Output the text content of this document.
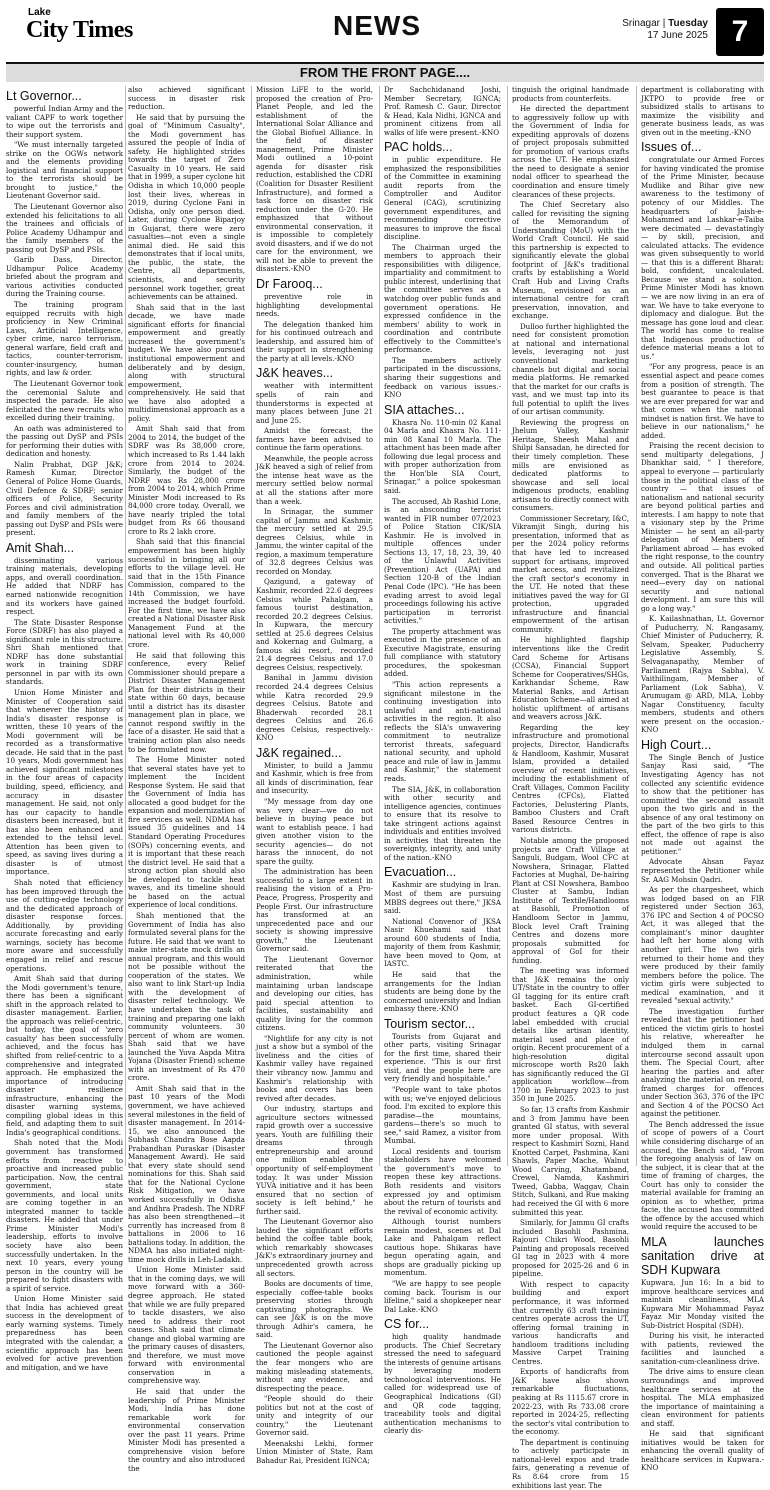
Lake
City Times	NEWS	Srinagar | Tuesday
17 June 2025 7
FROM THE FRONT PAGE....
Lt Governor...

powerful Indian Army and the valiant CAPF to work together to wipe out the terrorists and their support system.

"We must internally targeted strike on the OGWs network and the elements providing logistical and financial support to the terrorists should be brought to justice," the Lieutenant Governor said.

The Lieutenant Governor also extended his felicitations to all the trainees and officials of Police Academy Udhampur and the family members of the passing out DySP and PSIs.

Garib Dass, Director, Udhampur Police Academy briefed about the program and various activities conducted during the Training course.

The training program equipped recruits with high proficiency in New Criminal Laws, Artificial Intelligence, cyber crime, narco terrorism, general warfare, field craft and tactics, counter-terrorism, counter-insurgency, human rights, and law & order.

The Lieutenant Governor took the ceremonial Salute and inspected the parade. He also felicitated the new recruits who excelled during their training.

An oath was administered to the passing out DySP and PSIs for performing their duties with dedication and honesty.

Nalin Prabhat, DGP J&K; Ramesh Kumar, Director General of Police Home Guards, Civil Defence & SDRF; senior officers of Police, Security Forces and civil administration and family members of the passing out DySP and PSIs were present.

Amit Shah...

disseminating various training materials, developing apps, and overall coordination. He added that NDRF has earned nationwide recognition and its workers have gained respect.

The State Disaster Response Force (SDRF) has also played a significant role in this structure. Shri Shah mentioned that NDRF has done substantial work in training SDRF personnel in par with its own standards.

Union Home Minister and Minister of Cooperation said that whenever the history of India's disaster response is written, these 10 years of the Modi government will be recorded as a transformative decade. He said that in the past 10 years, Modi government has achieved significant milestones in the four areas of capacity building, speed, efficiency, and accuracy in disaster management. He said, not only has our capacity to handle disasters been increased, but it has also been enhanced and extended to the tehsil level. Attention has been given to speed, as saving lives during a disaster is of utmost importance.

Shah noted that efficiency has been improved through the use of cutting-edge technology and the dedicated approach of disaster response forces. Additionally, by providing accurate forecasting and early warnings, society has become more aware and successfully engaged in relief and rescue operations.

Amit Shah said that during the Modi government's tenure, there has been a significant shift in the approach related to disaster management. Earlier, the approach was relief-centric, but today, the goal of 'zero casualty' has been successfully achieved, and the focus has shifted from relief-centric to a comprehensive and integrated approach. He emphasized the importance of introducing disaster resilience infrastructure, enhancing the disaster warning systems, compiling global ideas in this field, and adapting them to suit India's geographical conditions.

Shah noted that the Modi government has transformed efforts from reactive to proactive and increased public participation. Now, the central government, state governments, and local units are coming together in an integrated manner to tackle disasters. He added that under Prime Minister Modi's leadership, efforts to involve society have also been successfully undertaken. In the next 10 years, every young person in the country will be prepared to fight disasters with a spirit of service.

Union Home Minister said that India has achieved great success in the development of early warning systems. Timely preparedness has been integrated with the calendar, a scientific approach has been evolved for active prevention and mitigation, and we have

also achieved significant success in disaster risk reduction.

He said that by pursuing the goal of "Minimum Casualty", the Modi government has assured the people of India of safety. He highlighted strides towards the target of Zero Casualty in 10 years. He said that in 1999, a super cyclone hit Odisha in which 10,000 people lost their lives, whereas in 2019, during Cyclone Fani in Odisha, only one person died. Later, during Cyclone Biparjoy in Gujarat, there were zero casualties—not even a single animal died. He said this demonstrates that if local units, the public, the state, the Centre, all departments, scientists, and security personnel work together, great achievements can be attained.

Shah said that in the last decade, we have made significant efforts for financial empowerment and greatly increased the government's budget. We have also pursued institutional empowerment and deliberately and by design, along with structural empowerment, comprehensively. He said that we have also adopted a multidimensional approach as a policy.

Amit Shah said that from 2004 to 2014, the budget of the SDRF was Rs 38,000 crore, which increased to Rs 1.44 lakh crore from 2014 to 2024. Similarly, the budget of the NDRF was Rs 28,000 crore from 2004 to 2014, which Prime Minister Modi increased to Rs 84,000 crore today. Overall, we have nearly tripled the total budget from Rs 66 thousand crore to Rs 2 lakh crore.

Shah said that this financial empowerment has been highly successful in bringing all our efforts to the village level. He said that in the 15th Finance Commission, compared to the 14th Commission, we have increased the budget fourfold. For the first time, we have also created a National Disaster Risk Management Fund at the national level with Rs 40,000 crore.

He said that following this conference, every Relief Commissioner should prepare a District Disaster Management Plan for their districts in their state within 60 days, because until a district has its disaster management plan in place, we cannot respond swiftly in the face of a disaster. He said that a training action plan also needs to be formulated now.

The Home Minister noted that several states have yet to implement the Incident Response System. He said that the Government of India has allocated a good budget for the expansion and modernization of fire services as well. NDMA has issued 35 guidelines and 14 Standard Operating Procedures (SOPs) concerning events, and it is important that these reach the district level. He said that a strong action plan should also be developed to tackle heat waves, and its timeline should be based on the actual experience of local conditions.

Shah mentioned that the Government of India has also formulated several plans for the future. He said that we want to make inter-state mock drills an annual program, and this would not be possible without the cooperation of the states. We also want to link Start-up India with the development of disaster relief technology. We have undertaken the task of training and preparing one lakh community volunteers. 30 percent of whom are women. Shah said that we have launched the Yuva Aapda Mitra Yojana (Disaster Friend) scheme with an investment of Rs 470 crore.

Amit Shah said that in the past 10 years of the Modi government, we have achieved several milestones in the field of disaster management. In 2014-15, we also announced the Subhash Chandra Bose Aapda Prabandhan Puraskar (Disaster Management Award). He said that every state should send nominations for this. Shah said that for the National Cyclone Risk Mitigation, we have worked successfully in Odisha and Andhra Pradesh. The NDRF has also been strengthened—it currently has increased from 8 battalions in 2006 to 16 battalions today. In addition, the NDMA has also initiated night-time mock drills in Leh-Ladakh.

Union Home Minister said that in the coming days, we will move forward with a 360-degree approach. He stated that while we are fully prepared to tackle disasters, we also need to address their root causes. Shah said that climate change and global warming are the primary causes of disasters, and therefore, we must move forward with environmental conservation in a comprehensive way.

He said that under the leadership of Prime Minister Modi, India has done remarkable work for environmental conservation over the past 11 years. Prime Minister Modi has presented a comprehensive vision before the country and also introduced the

Mission LiFE to the world, proposed the creation of Pro-Planet People, and led the establishment of the International Solar Alliance and the Global Biofuel Alliance. In the field of disaster management, Prime Minister Modi outlined a 10-point agenda for disaster risk reduction, established the CDRI (Coalition for Disaster Resilient Infrastructure), and formed a task force on disaster risk reduction under the G-20. He emphasized that without environmental conservation, it is impossible to completely avoid disasters, and if we do not care for the environment, we will not be able to prevent the disasters.-KNO

Dr Farooq...

preventive role in highlighting developmental needs.

The delegation thanked him for his continued outreach and leadership, and assured him of their support in strengthening the party at all levels.-KNO

J&K heaves...

weather with intermittent spells of rain and thunderstorms is expected at many places between June 21 and June 25.

Amidst the forecast, the farmers have been advised to continue the farm operations.

Meanwhile, the people across J&K heaved a sigh of relief from the intense heat wave as the mercury settled below normal at all the stations after more than a week.

In Srinagar, the summer capital of Jammu and Kashmir, the mercury settled at 29.5 degrees Celsius, while in Jammu, the winter capital of the region, a maximum temperature of 32.8 degrees Celsius was recorded on Monday.

Qazigund, a gateway of Kashmir, recorded 22.6 degrees Celsius while Pahalgam, a famous tourist destination, recorded 20.2 degrees Celsius. In Kupwara, the mercury settled at 25.6 degrees Celsius and Kokernag and Gulmarg, a famous ski resort, recorded 21.4 degrees Celsius and 17.0 degrees Celsius, respectively.

Banihal in Jammu division recorded 24.4 degrees Celsius while Katra recorded 29.9 degrees Celsius. Batote and Bhaderwah recorded 28.1 degrees Celsius and 26.6 degrees Celsius, respectively.-KNO

J&K regained...

Minister, to build a Jammu and Kashmir, which is free from all kinds of discrimination, fear and insecurity.

"My message from day one was very clear—we do not believe in buying peace but want to establish peace. I had given another vision to the security agencies— do not harass the innocent, do not spare the guilty.

The administration has been successful to a large extent in realising the vision of a Pro-Peace, Progress, Prosperity and People First. Our infrastructure has transformed at an unprecedented pace and our society is showing impressive growth," the Lieutenant Governor said.

The Lieutenant Governor reiterated that the administration, while maintaining urban landscape and developing our cities, has paid special attention to facilities, sustainability and quality living for the common citizens.

"Nightlife for any city is not just a show but a symbol of the liveliness and the cities of Kashmir valley have regained their vibrancy now. Jammu and Kashmir's relationship with books and covers has been revived after decades.

Our industry, startups and agriculture sectors witnessed rapid growth over a successive years. Youth are fulfilling their dreams through entrepreneurship and around one million enabled the opportunity of self-employment today. It was under Mission YUVA initiative and it has been ensured that no section of society is left behind," he further said.

The Lieutenant Governor also lauded the significant efforts behind the coffee table book, which remarkably showcases J&K's extraordinary journey and unprecedented growth across all sectors.

Books are documents of time, especially coffee-table books preserving stories through captivating photographs. We can see J&K is on the move through Adhir's camera, he said.

The Lieutenant Governor also cautioned the people against the fear mongers who are making misleading statements, without any evidence, and disrespecting the peace.

"People should do their politics but not at the cost of unity and integrity of our country," the Lieutenant Governor said.

Meenakshi Lekhi, former Union Minister of State, Ram Bahadur Rai, President IGNCA;

Dr Sachchidanand Joshi, Member Secretary, IGNCA; Prof. Ramesh C. Gaur, Director & Head, Kala Nidhi, IGNCA and prominent citizens from all walks of life were present.-KNO

PAC holds...

in public expenditure. He emphasized the responsibilities of the Committee in examining audit reports from the Comptroller and Auditor General (CAG), scrutinizing government expenditures, and recommending corrective measures to improve the fiscal discipline.

The Chairman urged the members to approach their responsibilities with diligence, impartiality and commitment to public interest, underlining that the committee serves as a watchdog over public funds and government operations. He expressed confidence in the members' ability to work in coordination and contribute effectively to the Committee's performance.

The members actively participated in the discussions, sharing their suggestions and feedback on various issues.-KNO

SIA attaches...

Khasra No. 110-min 02 Kanal 04 Marla and Khasra No. 111-min 08 Kanal 10 Marla. The attachment has been made after following due legal process and with proper authorization from the Hon'ble SIA Court, Srinagar," a police spokesman said.

The accused, Ab Rashid Lone, is an absconding terrorist wanted in FIR number 07/2023 of Police Station CIK/SIA Kashmir. He is involved in multiple offences under Sections 13, 17, 18, 23, 39, 40 of the Unlawful Activities (Prevention) Act (UAPA) and Section 120-B of the Indian Penal Code (IPC). "He has been evading arrest to avoid legal proceedings following his active participation in terrorist activities."

The property attachment was executed in the presence of an Executive Magistrate, ensuring full compliance with statutory procedures, the spokesman added.

"This action represents a significant milestone in the continuing investigation into unlawful and anti-national activities in the region. It also reflects the SIA's unwavering commitment to neutralize terrorist threats, safeguard national security, and uphold peace and rule of law in Jammu and Kashmir," the statement reads.

The SIA, J&K, in collaboration with other security and intelligence agencies, continues to ensure that its resolve to take stringent actions against individuals and entities involved in activities that threaten the sovereignty, integrity, and unity of the nation.-KNO

Evacuation...

Kashmir are studying in Iran. Most of them are pursuing MBBS degrees out there," JKSA said.

National Convenor of JKSA Nasir Khuehami said that around 600 students of India, majority of them from Kashmir, have been moved to Qom, at IASTC.

He said that the arrangements for the Indian students are being done by the concerned university and Indian embassy there.-KNO

Tourism sector...

Tourists from Gujarat and other parts, visiting Srinagar for the first time, shared their experience. "This is our first visit, and the people here are very friendly and hospitable."

"People want to take photos with us; we've enjoyed delicious food. I'm excited to explore this paradise—the mountains, gardens—there's so much to see," said Ramez, a visitor from Mumbai.

Local residents and tourism stakeholders have welcomed the government's move to reopen these key attractions. Both residents and visitors expressed joy and optimism about the return of tourists and the revival of economic activity.

Although tourist numbers remain modest, scenes at Dal Lake and Pahalgam reflect cautious hope. Shikaras have begun operating again, and shops are gradually picking up momentum.

"We are happy to see people coming back. Tourism is our lifeline," said a shopkeeper near Dal Lake.-KNO

CS for...

high quality handmade products. The Chief Secretary stressed the need to safeguard the interests of genuine artisans by leveraging modern technological interventions. He called for widespread use of Geographical Indications (GI) and QR code tagging, traceability tools and digital authentication mechanisms to clearly dis-

tinguish the original handmade products from counterfeits.

He directed the department to aggressively follow up with the Government of India for expediting approvals of dozens of project proposals submitted for promotion of various crafts across the UT. He emphasized the need to designate a senior nodal officer to spearhead the coordination and ensure timely clearances of these projects.

The Chief Secretary also called for revisiting the signing of the Memorandum of Understanding (MoU) with the World Craft Council. He said this partnership is expected to significantly elevate the global footprint of J&K's traditional crafts by establishing a World Craft Hub and Living Crafts Museum, envisioned as an international centre for craft preservation, innovation, and exchange.

Dulloo further highlighted the need for consistent promotion at national and international levels, leveraging not just conventional marketing channels but digital and social media platforms. He remarked that the market for our crafts is vast, and we must tap into its full potential to uplift the lives of our artisan community.

Reviewing the progress on Jhelum Valley, Kashmir Heritage, Sheesh Mahal and Shilpi Sansadan, he directed for their timely completion. These mills are envisioned as dedicated platforms to showcase and sell local indigenous products, enabling artisans to directly connect with consumers.

Commissioner Secretary, I&C, Vikramjit Singh, during his presentation, informed that as per the 2024 policy reforms that have led to increased support for artisans, improved market access, and revitalized the craft sector's economy in the UT. He noted that these initiatives paved the way for GI protection, upgraded infrastructure and financial empowerment of the artisan community.

He highlighted flagship interventions like the Credit Card Scheme for Artisans (CCSA), Financial Support Scheme for Cooperatives/SHGs, Karkhandar Scheme, Raw Material Banks, and Artisan Education Scheme—all aimed at holistic upliftment of artisans and weavers across J&K.

Regarding the key infrastructure and promotional projects, Director, Handicrafts & Handloom, Kashmir, Musarat Islam, provided a detailed overview of recent initiatives, including the establishment of Craft Villages, Common Facility Centres (CFCs), Flatted Factories, Delustering Plants, Bamboo Clusters and Craft Based Resource Centres in various districts.

Notable among the proposed projects are Craft Village at Sanguli, Budgam, Wool CFC at Nowshera, Srinagar, Flatted Factories at Mughal, De-hairing Plant at CSI Nowshera, Bamboo Cluster at Sambu, Indian Institute of Textile/Handlooms at Basohli, Promotion of Handloom Sector in Jammu, Block level Craft Training Centres and dozens more proposals submitted for approval of GoI for their funding.

The meeting was informed that J&K remains the only UT/State in the country to offer GI tagging for its entire craft basket. Each GI-certified product features a QR code label embedded with crucial details like artisan identity, material used and place of origin. Recent procurement of a high-resolution digital microscope worth Rs20 lakh has significantly reduced the GI application workflow—from 1700 in February 2023 to just 350 in June 2025.

So far, 13 crafts from Kashmir and 3 from Jammu have been granted GI status, with several more under proposal. With respect to Kashmiri Sozni, Hand Knotted Carpet, Pashmina, Kani Shawls, Paper Mache, Walnut Wood Carving, Khatamband, Crewel, Namda, Kashmiri Tweed, Gabba, Waggav, Chain Stitch, Sulkani, and Rue making had received the GI with 6 more submitted this year.

Similarly, for Jammu GI crafts included Basohli Pashmina, Rajouri Chikri Wood, Basohli Painting and proposals received GI tag in 2023 with 4 more proposed for 2025-26 and 6 in pipeline.

With respect to capacity building and export performance, it was informed that currently 63 craft training centres operate across the UT, offering formal training in various handicrafts and handloom traditions including Massive Carpet Training Centres.

Exports of handicrafts from J&K have also shown remarkable fluctuations, peaking at Rs 1115.67 crore in 2022-23, with Rs 733.08 crore reported in 2024-25, reflecting the sector's vital contribution to the economy.

The department is continuing to actively participate in national-level expos and trade fairs, generating a revenue of Rs 8.64 crore from 15 exhibitions last year. The

department is collaborating with JKTPO to provide free or subsidized stalls to artisans to maximize the visibility and generate business leads, as was given out in the meeting.-KNO

Issues of...

congratulate our Armed Forces for having vindicated the promise of the Prime Minister, because Mudlike and Bihar give new awareness to the testimony of potency of our Middles. The headquarters of Jaish-e-Mohammed and Lashkar-e-Taiba were decimated — devastatingly — by skill, precision, and calculated attacks. The evidence was given subsequently to world — that this is a different Bharat: bold, confident, uncalculated. Because we stand a solution. Prime Minister Modi has known — we are now living in an era of war. We have to take everyone to diplomacy and dialogue. But the message has gone loud and clear. The world has come to realise that Indigenous production of defence material means a lot to us."

"For any progress, peace is an essential aspect and peace comes from a position of strength. The best guarantee to peace is that we are ever prepared for war and that comes when the national mindset is nation first. We have to believe in our nationalism," he added.

Praising the recent decision to send multiparty delegations, J Dhankhar said, " I therefore, appeal to everyone — particularly those in the political class of the country — that issues of nationalism and national security are beyond political parties and interests. I am happy to note that a visionary step by the Prime Minister — he sent an all-party delegation of Members of Parliament abroad — has evoked the right response, to the country and outside. All political parties converged. That is the Bharat we need—every day on national security and national development. I am sure this will go a long way."

K. Kailashnathan, Lt. Governor of Puducherry, N. Rangasamy, Chief Minister of Puducherry, R. Selvam, Speaker, Puducherry Legislative Assembly, S. Selvaganapathy, Member of Parliament (Rajya Sabha), V. Vaithilingam, Member of Parliament (Lok Sabha), V. Arumugam @ ARD, MLA, Lobby Nagar Constituency, faculty members, students and others were present on the occasion.-KNO

High Court...

The Single Bench of Justice Sanjay Rasi said, "The Investigating Agency has not collected any scientific evidence to show that the petitioner has committed the second assault upon the two girls and in the absence of any oral testimony on the part of the two girls to this effect, the offence of rape is also not made out against the petitioner."

Advocate Ahsan Fayaz represented the Petitioner while Sr. AAG Mohsin Qadri.

As per the chargesheet, which was lodged based on an FIR registered under Section 363, 376 IPC and Section 4 of POCSO Act, it was alleged that the complainant's minor daughter had left her home along with another girl. The two girls returned to their home and they were produced by their family members before the police. The victim girls were subjected to medical examination, and it revealed "sexual activity."

The investigation further revealed that the petitioner had enticed the victim girls to hostel his relative, whereafter he indulged them in carnal intercourse second assault upon them. The Special Court, after hearing the parties and after analyzing the material on record, framed charges for offences under Section 363, 376 of the IPC and Section 4 of the POCSO Act against the petitioner.

The Bench addressed the issue of scope of powers of a Court while considering discharge of an accused, the Bench said, "From the foregoing analysis of law on the subject, it is clear that at the time of framing of charges, the Court has only to consider the material available for framing an opinion as to whether, prima facie, the accused has committed the offence by the accused which would require the accused to be

MLA launches sanitation drive at SDH Kupwara

Kupwara, Jun 16: In a bid to improve healthcare services and maintain cleanliness, MLA Kupwara Mir Mohammad Fayaz Fayaz Mir Monday visited the Sub-District Hospital (SDH).

During his visit, he interacted with patients, reviewed the facilities and launched a sanitation-cum-cleanliness drive.

The drive aims to ensure clean surroundings and improved healthcare services at the hospital. The MLA emphasized the importance of maintaining a clean environment for patients and staff.

He said that significant initiatives would be taken for enhancing the overall quality of healthcare services in Kupwara.-KNO
